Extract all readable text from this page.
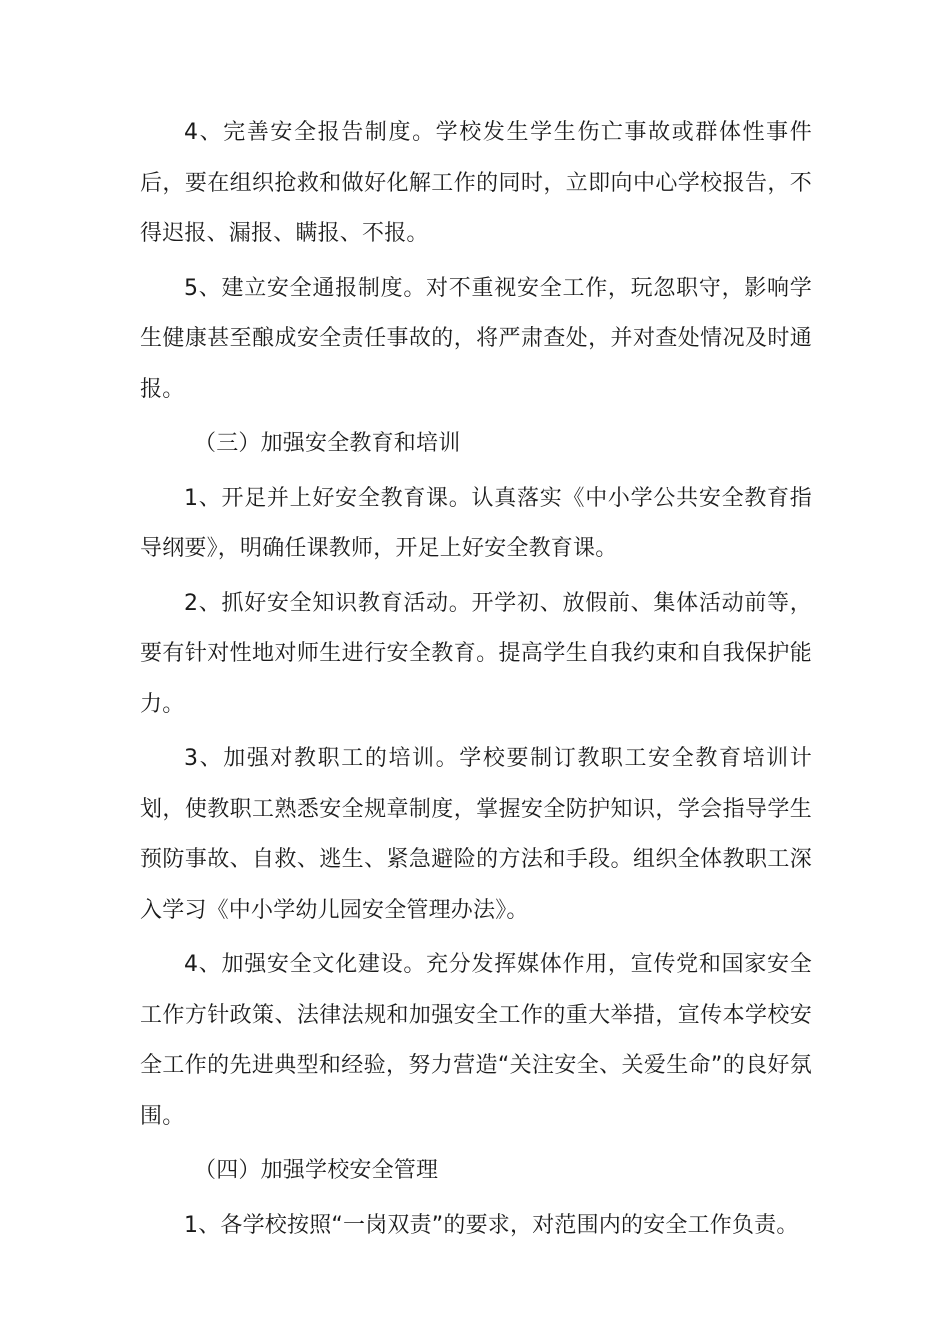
4、完善安全报告制度。学校发生学生伤亡事故或群体性事件后，要在组织抢救和做好化解工作的同时，立即向中心学校报告，不得迟报、漏报、瞒报、不报。

5、建立安全通报制度。对不重视安全工作，玩忽职守，影响学生健康甚至酿成安全责任事故的，将严肃查处，并对查处情况及时通报。

（三）加强安全教育和培训

1、开足并上好安全教育课。认真落实《中小学公共安全教育指导纲要》，明确任课教师，开足上好安全教育课。

2、抓好安全知识教育活动。开学初、放假前、集体活动前等，要有针对性地对师生进行安全教育。提高学生自我约束和自我保护能力。

3、加强对教职工的培训。学校要制订教职工安全教育培训计划，使教职工熟悉安全规章制度，掌握安全防护知识，学会指导学生预防事故、自救、逃生、紧急避险的方法和手段。组织全体教职工深入学习《中小学幼儿园安全管理办法》。

4、加强安全文化建设。充分发挥媒体作用，宣传党和国家安全工作方针政策、法律法规和加强安全工作的重大举措，宣传本学校安全工作的先进典型和经验，努力营造“关注安全、关爱生命”的良好氛围。

（四）加强学校安全管理

1、各学校按照“一岗双责”的要求，对范围内的安全工作负责。
